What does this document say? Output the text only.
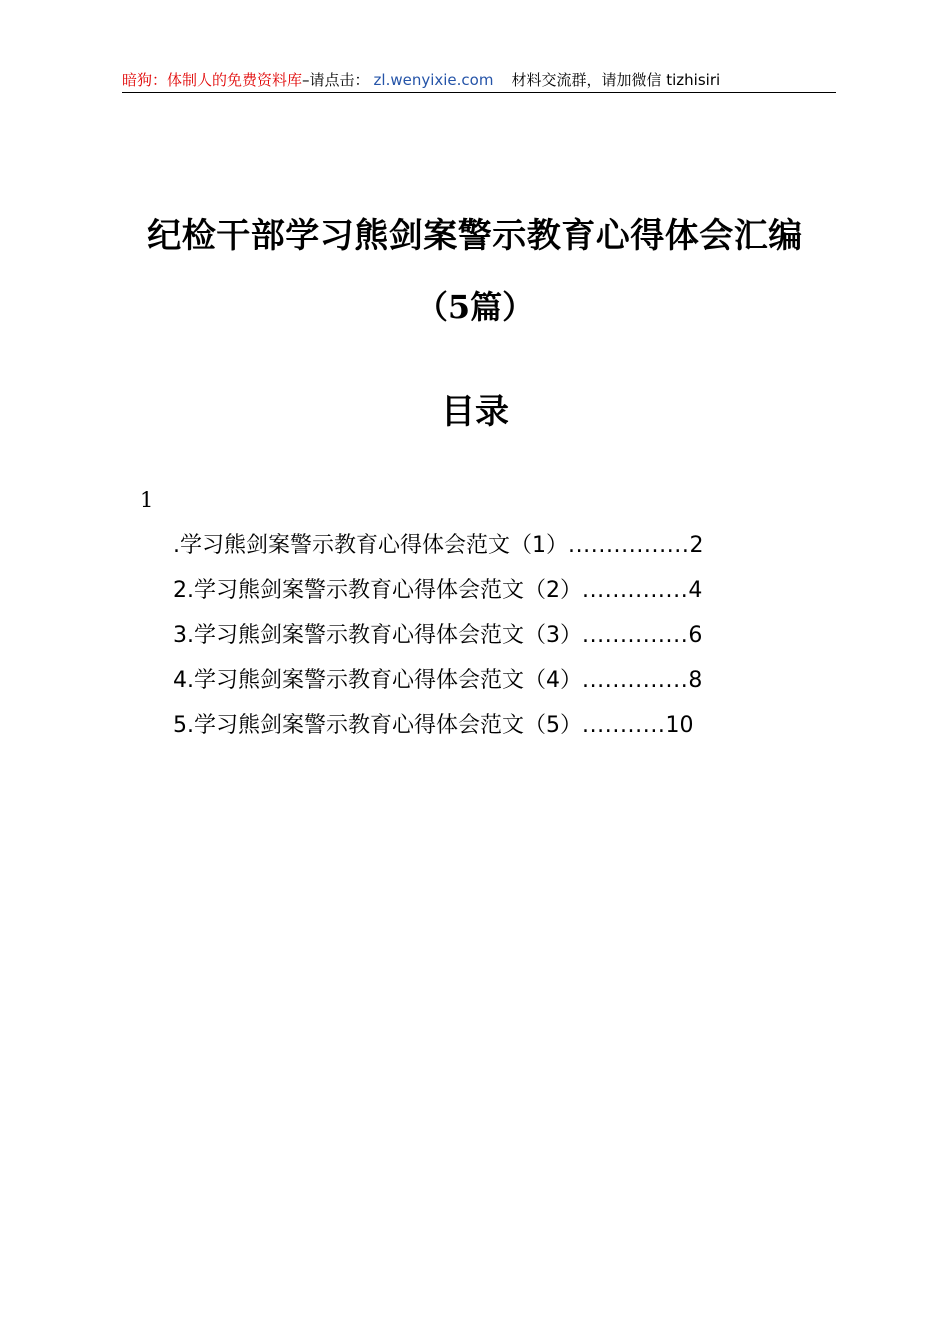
暗狗：体制人的免费资料库–请点击： zl.wenyixie.com 材料交流群，请加微信 tizhisiri
纪检干部学习熊剑案警示教育心得体会汇编
（5篇）
目录
1
.学习熊剑案警示教育心得体会范文（1）................2
2.学习熊剑案警示教育心得体会范文（2）..............4
3.学习熊剑案警示教育心得体会范文（3）..............6
4.学习熊剑案警示教育心得体会范文（4）..............8
5.学习熊剑案警示教育心得体会范文（5）...........10
